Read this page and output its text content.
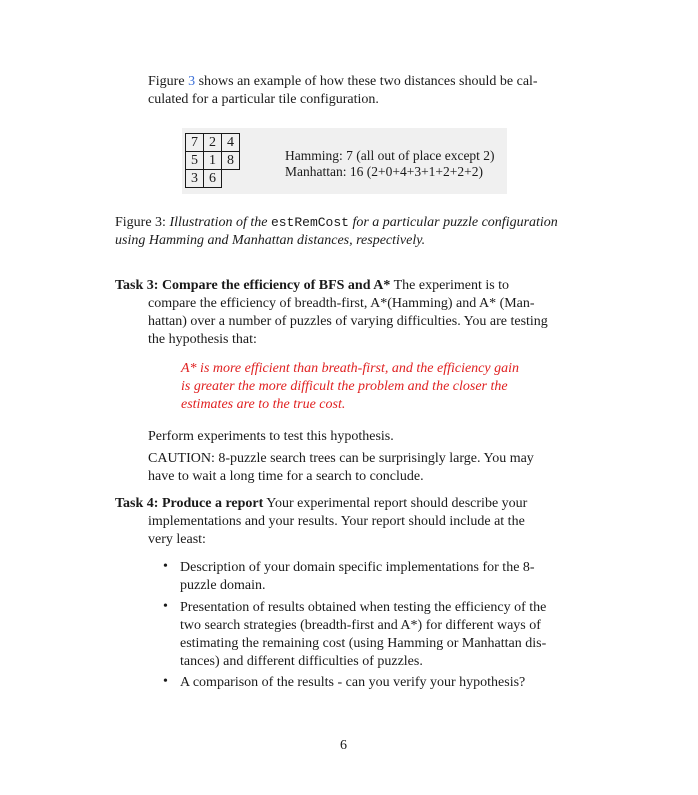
Figure 3 shows an example of how these two distances should be cal-
culated for a particular tile configuration.
7	2	4
5	1	8
3	6	
Hamming: 7 (all out of place except 2)
Manhattan: 16 (2+0+4+3+1+2+2+2)
Figure 3: Illustration of the estRemCost for a particular puzzle configuration
using Hamming and Manhattan distances, respectively.
Task 3: Compare the efficiency of BFS and A* The experiment is to
compare the efficiency of breadth-first, A*(Hamming) and A* (Man-
hattan) over a number of puzzles of varying difficulties. You are testing
the hypothesis that:
A* is more efficient than breath-first, and the efficiency gain
is greater the more difficult the problem and the closer the
estimates are to the true cost.
Perform experiments to test this hypothesis.
CAUTION: 8-puzzle search trees can be surprisingly large. You may
have to wait a long time for a search to conclude.
Task 4: Produce a report Your experimental report should describe your
implementations and your results. Your report should include at the
very least:
• Description of your domain specific implementations for the 8-
puzzle domain.
• Presentation of results obtained when testing the efficiency of the
two search strategies (breadth-first and A*) for different ways of
estimating the remaining cost (using Hamming or Manhattan dis-
tances) and different difficulties of puzzles.
• A comparison of the results - can you verify your hypothesis?
6
